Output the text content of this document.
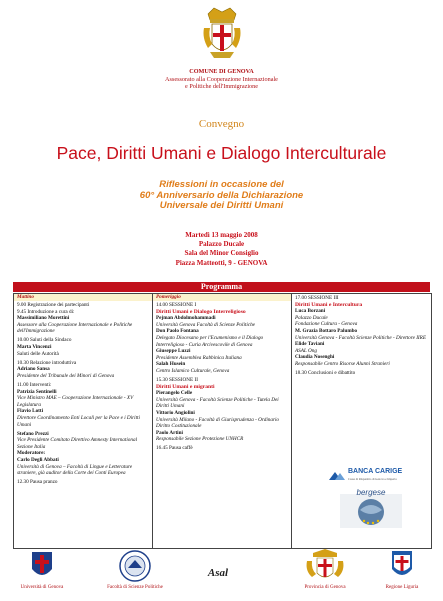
COMUNE DI GENOVA
Assessorato alla Cooperazione Internazionale
e Politiche dell'Immigrazione
Convegno
Pace, Diritti Umani e Dialogo Interculturale
Riflessioni in occasione del
60° Anniversario della Dichiarazione
Universale dei Diritti Umani
Martedì 13 maggio 2008
Palazzo Ducale
Sala del Minor Consiglio
Piazza Matteotti, 9 - GENOVA
Programma
Mattino

9.00 Registrazione dei partecipanti

9.45 Introduzione a cura di:

Massimiliano Morettini

Assessore alla Cooperazione Internazionale e Politiche dell'Immigrazione

10.00 Saluti della Sindaco

Marta Vincenzi

Saluti delle Autorità

10.30 Relazione introduttiva

Adriano Sansa

Presidente del Tribunale dei Minori di Genova

11.00 Interventi:

Patrizia Sentinelli

Vice Ministro MAE – Cooperazione Internazionale - XV Legislatura

Flavio Lotti

Direttore Coordinamento Enti Locali per la Pace e i Diritti Umani

Stefano Prezzi

Vice Presidente Comitato Direttivo Amnesty International Sezione Italia

Moderatore:

Carlo Degli Abbati

Università di Genova – Facoltà di Lingue e Letterature straniere, già auditor della Corte dei Conti Europea

12.30 Pausa pranzo

Pomeriggio

14.00 SESSIONE I

Diritti Umani e Dialogo Interreligioso

Pejman Abdolmohammadi

Università Genova Facoltà di Scienze Politiche

Don Paolo Fontana

Delegato Diocesano per l'Ecumenismo e il Dialogo Interreligioso - Curia Arcivescovile di Genova

Giuseppe Luzzi

Presidente Assemblea Rabbinica Italiana

Salah Husein

Centro Islamico Culturale, Genova

15.30 SESSIONE II

Diritti Umani e migranti

Pierangelo Celle

Università Genova - Facoltà Scienze Politiche - Tutela Dei Diritti Umani

Vittorio Angiolini

Università Milano - Facoltà di Giurisprudenza - Ordinario Diritto Costituzionale

Paolo Artini

Responsabile Sezione Protezione UNHCR

16.45 Pausa caffè

17.00 SESSIONE III

Diritti Umani e Intercultura

Luca Borzani

Palazzo Ducale

Fondazione Cultura - Genova

M. Grazia Bottaro Palumbo

Università Genova - Facoltà Scienze Politiche - Direttore IIRE

Elide Taviani

ASAL Ong

Claudia Nosenghi

Responsabile Centro Risorse Alunni Stranieri

18.30 Conclusioni e dibattito

BANCA CARIGE
Cassa di Risparmio di Genova e Imperia
bergese
Università di Genova	Facoltà di Scienze Politiche
Asal
Provincia di Genova	Regione Liguria
